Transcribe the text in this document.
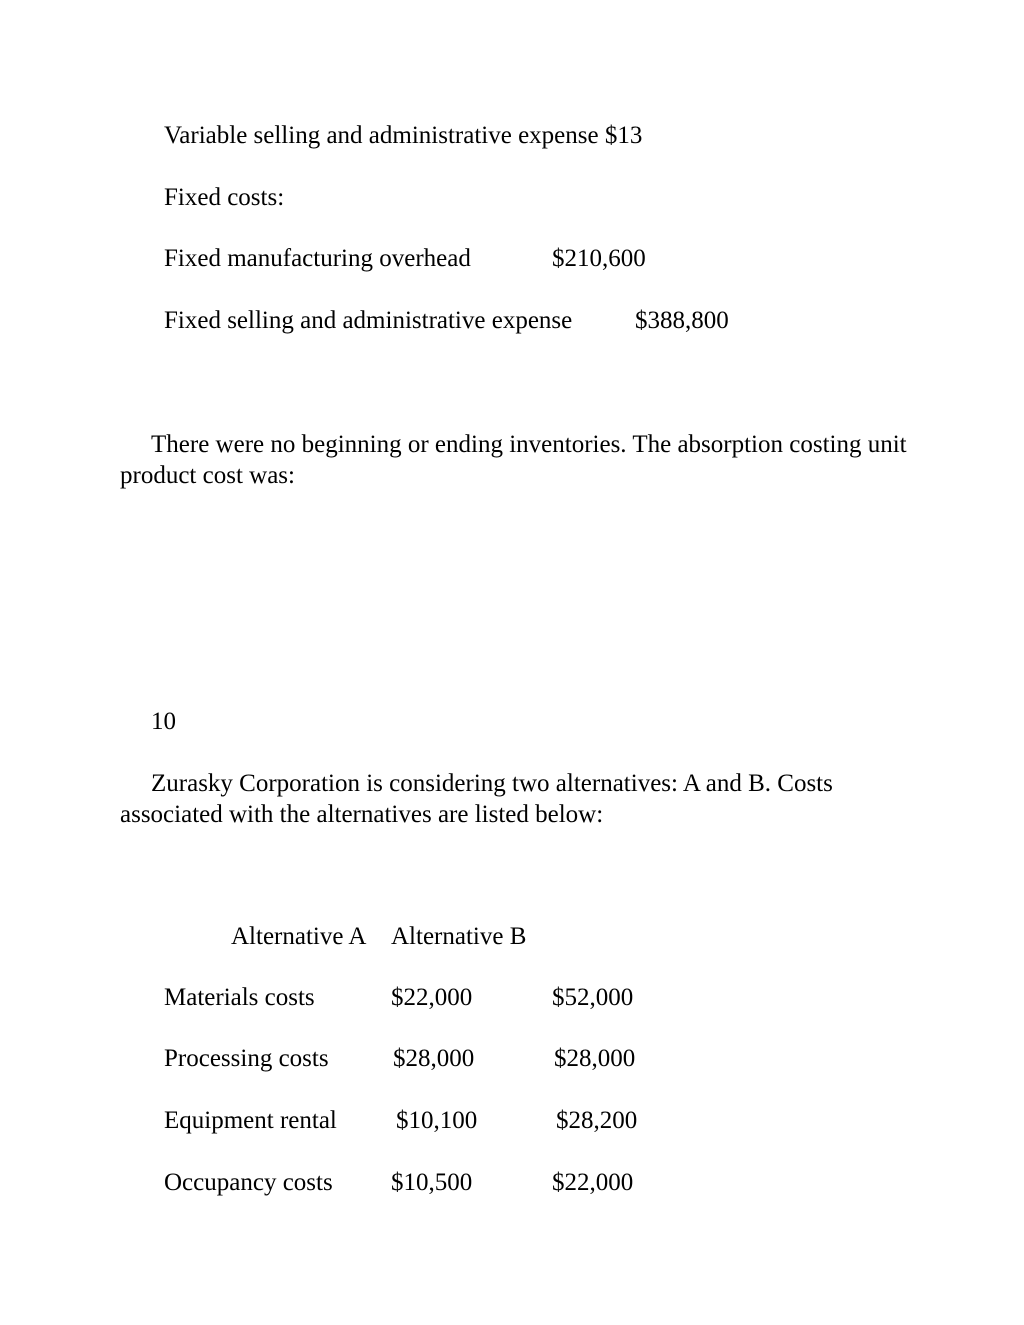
Variable selling and administrative expense $13
Fixed costs:
Fixed manufacturing overhead	$210,600
Fixed selling and administrative expense	$388,800
There were no beginning or ending inventories. The absorption costing unit product cost was:
10
Zurasky Corporation is considering two alternatives: A and B. Costs associated with the alternatives are listed below:
Alternative A Alternative B
Materials costs	$22,000	$52,000
Processing costs	$28,000	$28,000
Equipment rental $10,100	$28,200
Occupancy costs $10,500	$22,000
